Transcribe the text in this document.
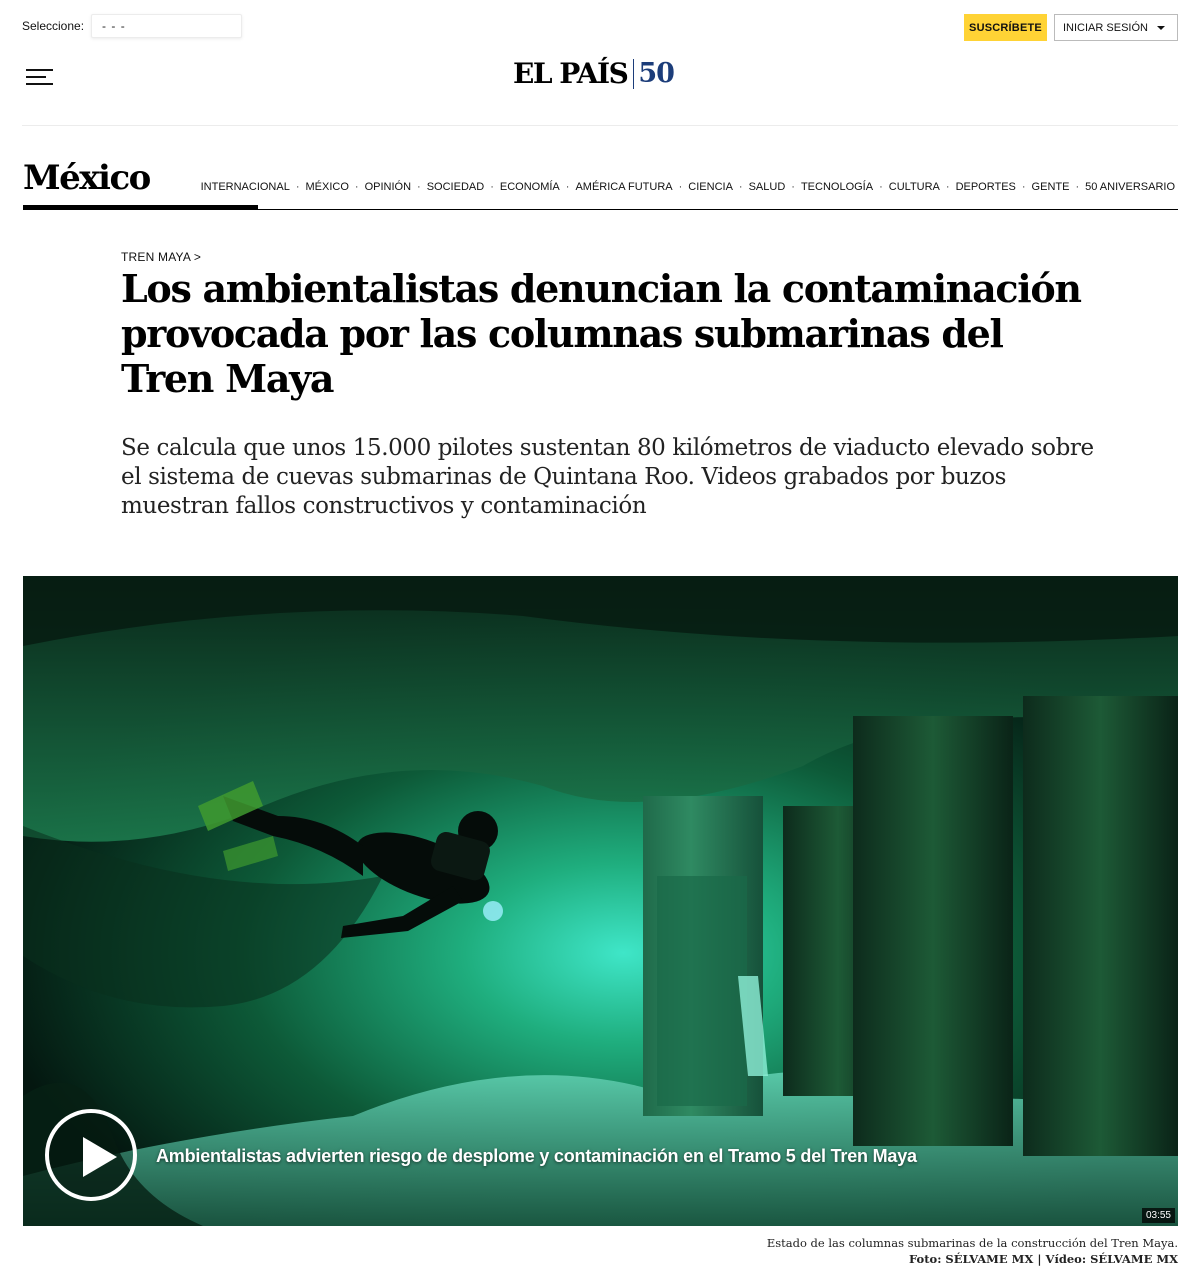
Seleccione:	- - -	SUSCRÍBETE	INICIAR SESIÓN
EL PAÍS 50
México	INTERNACIONAL	· MÉXICO	· OPINIÓN	· SOCIEDAD	· ECONOMÍA	· AMÉRICA FUTURA	· CIENCIA	· SALUD	· TECNOLOGÍA	· CULTURA	· DEPORTES	· GENTE	· 50 ANIVERSARIO
TREN MAYA >
Los ambientalistas denuncian la contaminación provocada por las columnas submarinas del Tren Maya

Se calcula que unos 15.000 pilotes sustentan 80 kilómetros de viaducto elevado sobre el sistema de cuevas submarinas de Quintana Roo. Videos grabados por buzos muestran fallos constructivos y contaminación

Ambientalistas advierten riesgo de desplome y contaminación en el Tramo 5 del Tren Maya
03:55
Estado de las columnas submarinas de la construcción del Tren Maya.
Foto: SÉLVAME MX | Vídeo: SÉLVAME MX
